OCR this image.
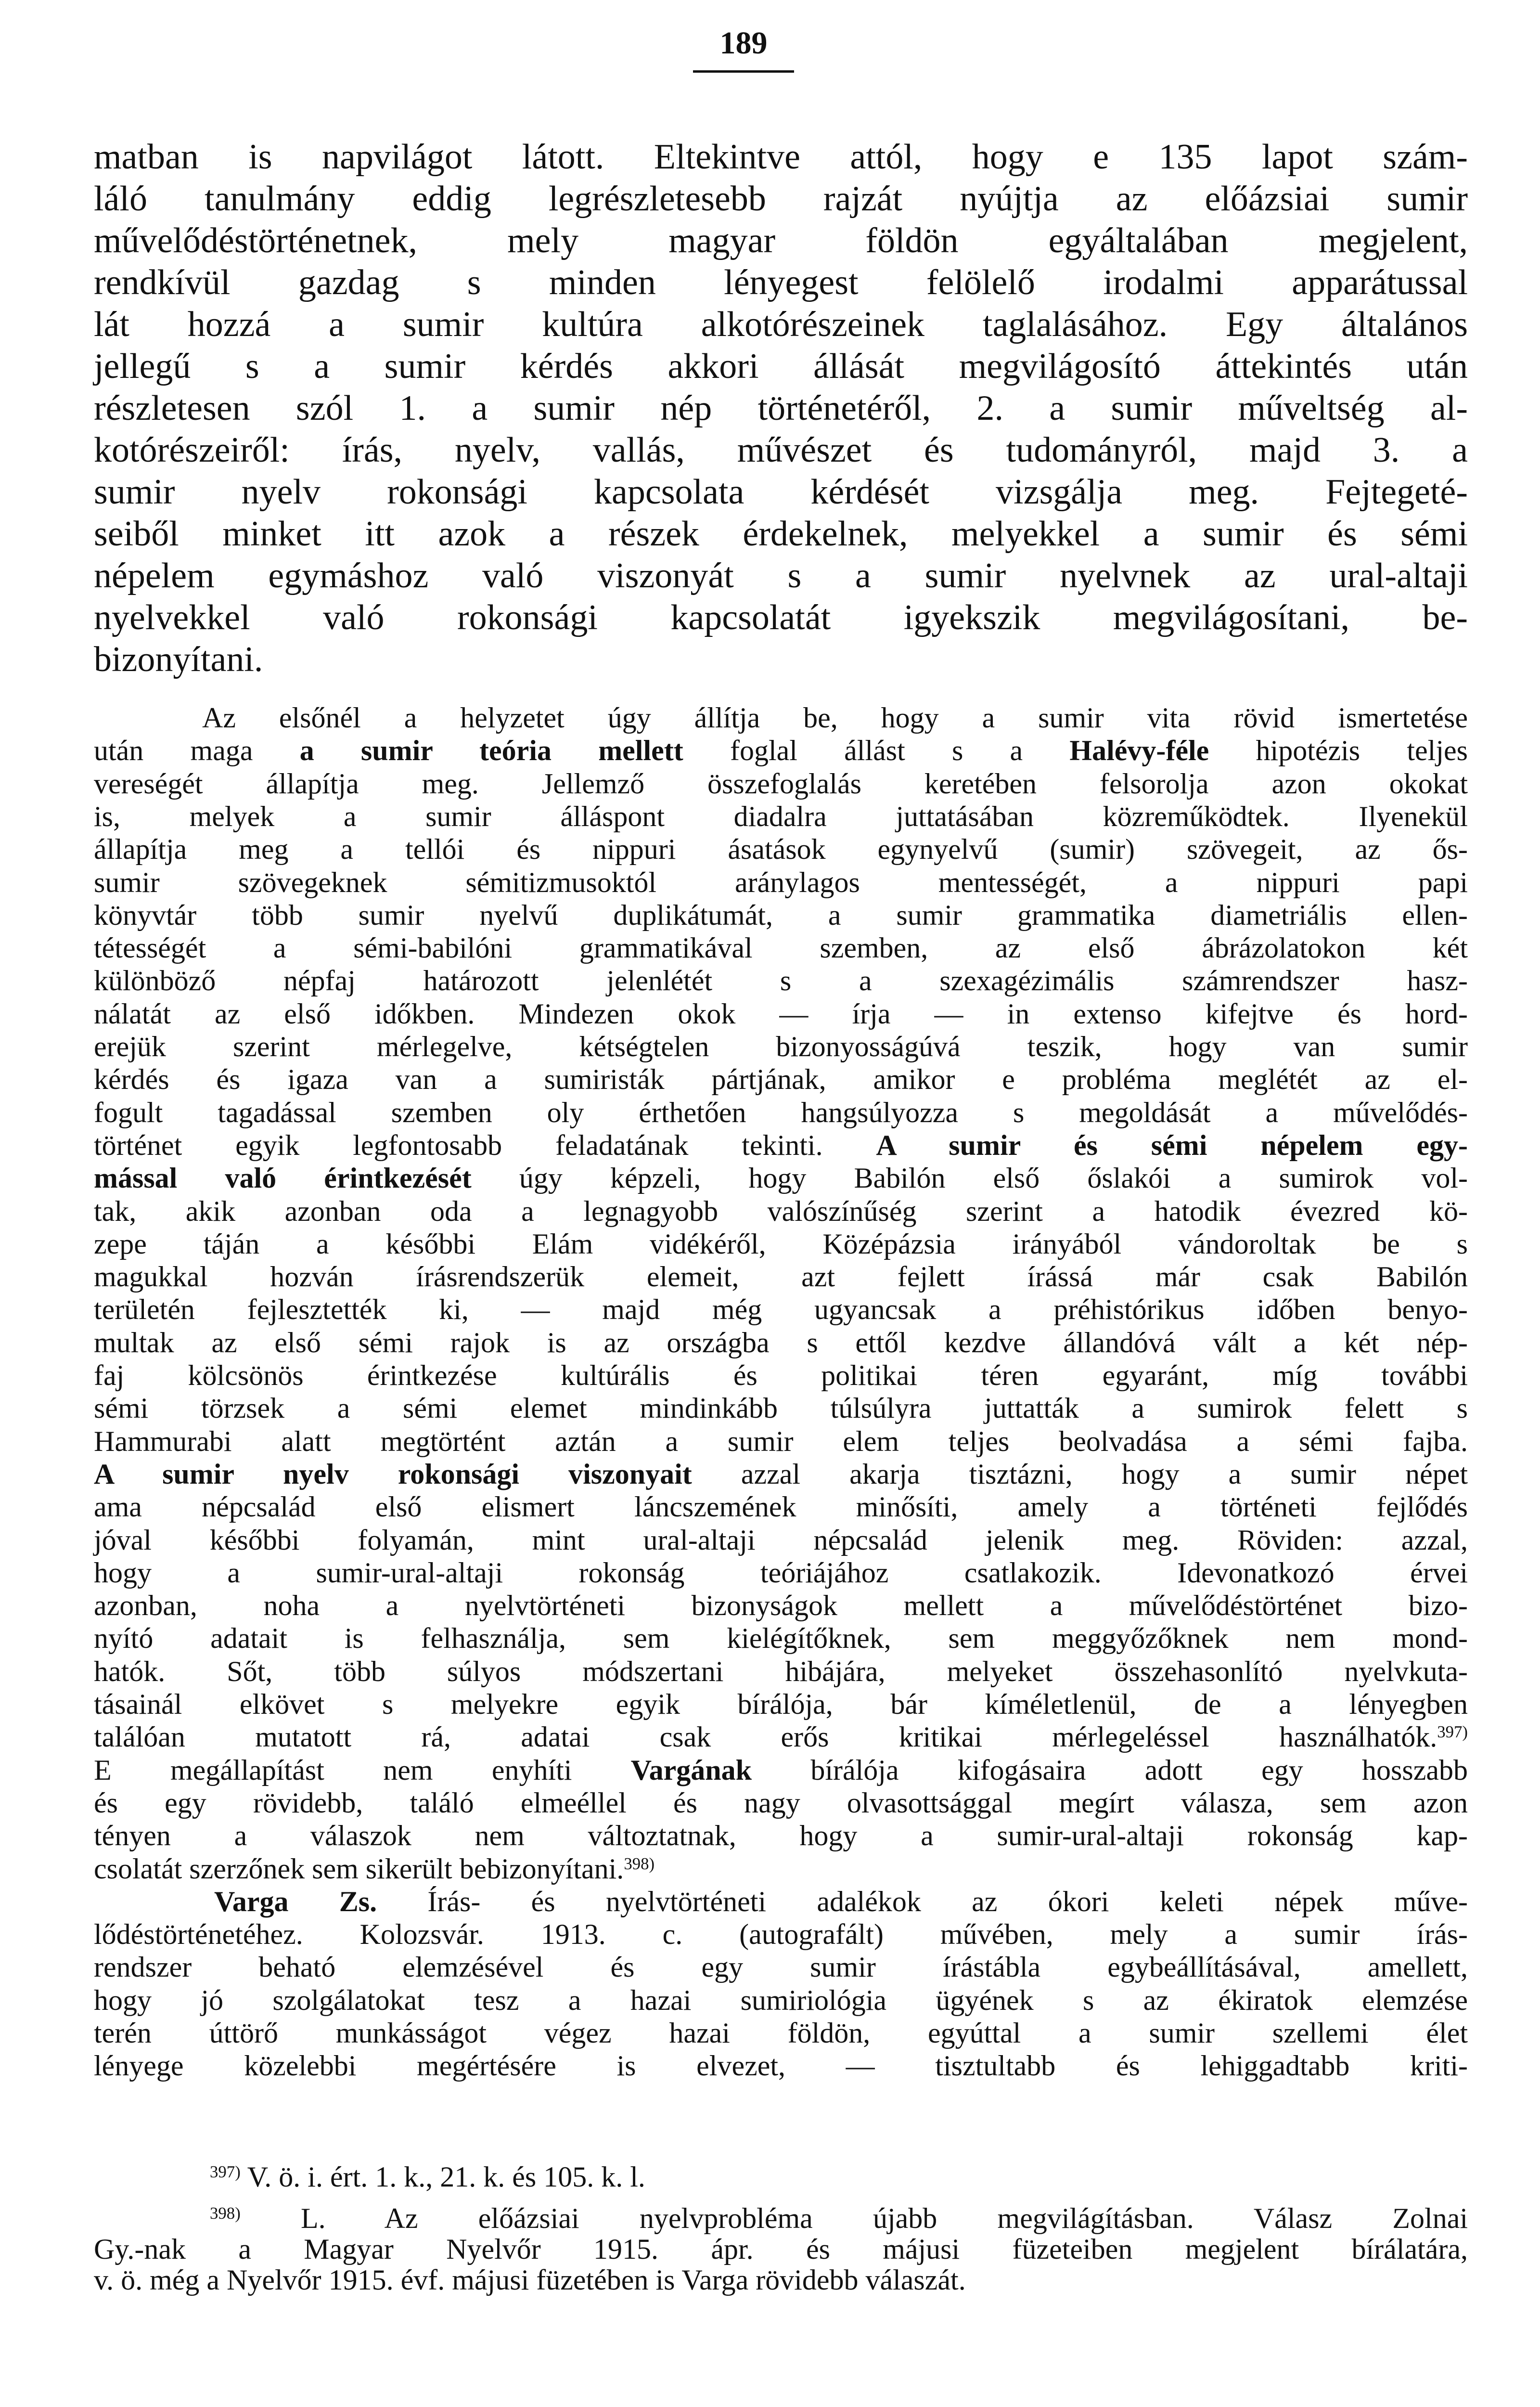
189
matban is napvilágot látott. Eltekintve attól, hogy e 135 lapot szám-
láló tanulmány eddig legrészletesebb rajzát nyújtja az előázsiai sumir
művelődéstörténetnek, mely magyar földön egyáltalában megjelent,
rendkívül gazdag s minden lényegest felölelő irodalmi apparátussal
lát hozzá a sumir kultúra alkotórészeinek taglalásához. Egy általános
jellegű s a sumir kérdés akkori állását megvilágosító áttekintés után
részletesen szól 1. a sumir nép történetéről, 2. a sumir műveltség al-
kotórészeiről: írás, nyelv, vallás, művészet és tudományról, majd 3. a
sumir nyelv rokonsági kapcsolata kérdését vizsgálja meg. Fejtegeté-
seiből minket itt azok a részek érdekelnek, melyekkel a sumir és sémi
népelem egymáshoz való viszonyát s a sumir nyelvnek az ural-altaji
nyelvekkel való rokonsági kapcsolatát igyekszik megvilágosítani, be-
bizonyítani.
Az elsőnél a helyzetet úgy állítja be, hogy a sumir vita rövid ismertetése
után maga a sumir teória mellett foglal állást s a Halévy-féle hipotézis teljes
vereségét állapítja meg. Jellemző összefoglalás keretében felsorolja azon okokat
is, melyek a sumir álláspont diadalra juttatásában közreműködtek. Ilyenekül
állapítja meg a tellói és nippuri ásatások egynyelvű (sumir) szövegeit, az ős-
sumir szövegeknek sémitizmusoktól aránylagos mentességét, a nippuri papi
könyvtár több sumir nyelvű duplikátumát, a sumir grammatika diametriális ellen-
tétességét a sémi-babilóni grammatikával szemben, az első ábrázolatokon két
különböző népfaj határozott jelenlétét s a szexagézimális számrendszer hasz-
nálatát az első időkben. Mindezen okok — írja — in extenso kifejtve és hord-
erejük szerint mérlegelve, kétségtelen bizonyosságúvá teszik, hogy van sumir
kérdés és igaza van a sumiristák pártjának, amikor e probléma meglétét az el-
fogult tagadással szemben oly érthetően hangsúlyozza s megoldását a művelődés-
történet egyik legfontosabb feladatának tekinti. A sumir és sémi népelem egy-
mással való érintkezését úgy képzeli, hogy Babilón első őslakói a sumirok vol-
tak, akik azonban oda a legnagyobb valószínűség szerint a hatodik évezred kö-
zepe táján a későbbi Elám vidékéről, Középázsia irányából vándoroltak be s
magukkal hozván írásrendszerük elemeit, azt fejlett írássá már csak Babilón
területén fejlesztették ki, — majd még ugyancsak a préhistórikus időben benyo-
multak az első sémi rajok is az országba s ettől kezdve állandóvá vált a két nép-
faj kölcsönös érintkezése kultúrális és politikai téren egyaránt, míg további
sémi törzsek a sémi elemet mindinkább túlsúlyra juttatták a sumirok felett s
Hammurabi alatt megtörtént aztán a sumir elem teljes beolvadása a sémi fajba.
A sumir nyelv rokonsági viszonyait azzal akarja tisztázni, hogy a sumir népet
ama népcsalád első elismert láncszemének minősíti, amely a történeti fejlődés
jóval későbbi folyamán, mint ural-altaji népcsalád jelenik meg. Röviden: azzal,
hogy a sumir-ural-altaji rokonság teóriájához csatlakozik. Idevonatkozó érvei
azonban, noha a nyelvtörténeti bizonyságok mellett a művelődéstörténet bizo-
nyító adatait is felhasználja, sem kielégítőknek, sem meggyőzőknek nem mond-
hatók. Sőt, több súlyos módszertani hibájára, melyeket összehasonlító nyelvkuta-
tásainál elkövet s melyekre egyik bírálója, bár kíméletlenül, de a lényegben
találóan mutatott rá, adatai csak erős kritikai mérlegeléssel használhatók.$^{397)}$
E megállapítást nem enyhíti Vargának bírálója kifogásaira adott egy hosszabb
és egy rövidebb, találó elmeéllel és nagy olvasottsággal megírt válasza, sem azon
tényen a válaszok nem változtatnak, hogy a sumir-ural-altaji rokonság kap-
csolatát szerzőnek sem sikerült bebizonyítani.$^{398)}$
Varga Zs. Írás- és nyelvtörténeti adalékok az ókori keleti népek műve-
lődéstörténetéhez. Kolozsvár. 1913. c. (autografált) művében, mely a sumir írás-
rendszer beható elemzésével és egy sumir írástábla egybeállításával, amellett,
hogy jó szolgálatokat tesz a hazai sumiriológia ügyének s az ékiratok elemzése
terén úttörő munkásságot végez hazai földön, egyúttal a sumir szellemi élet
lényege közelebbi megértésére is elvezet, — tisztultabb és lehiggadtabb kriti-
$^{397)}$ V. ö. i. ért. 1. k., 21. k. és 105. k. l.
$^{398)}$ L. Az előázsiai nyelvprobléma újabb megvilágításban. Válasz Zolnai
Gy.-nak a Magyar Nyelvőr 1915. ápr. és májusi füzeteiben megjelent bírálatára,
v. ö. még a Nyelvőr 1915. évf. májusi füzetében is Varga rövidebb válaszát.
